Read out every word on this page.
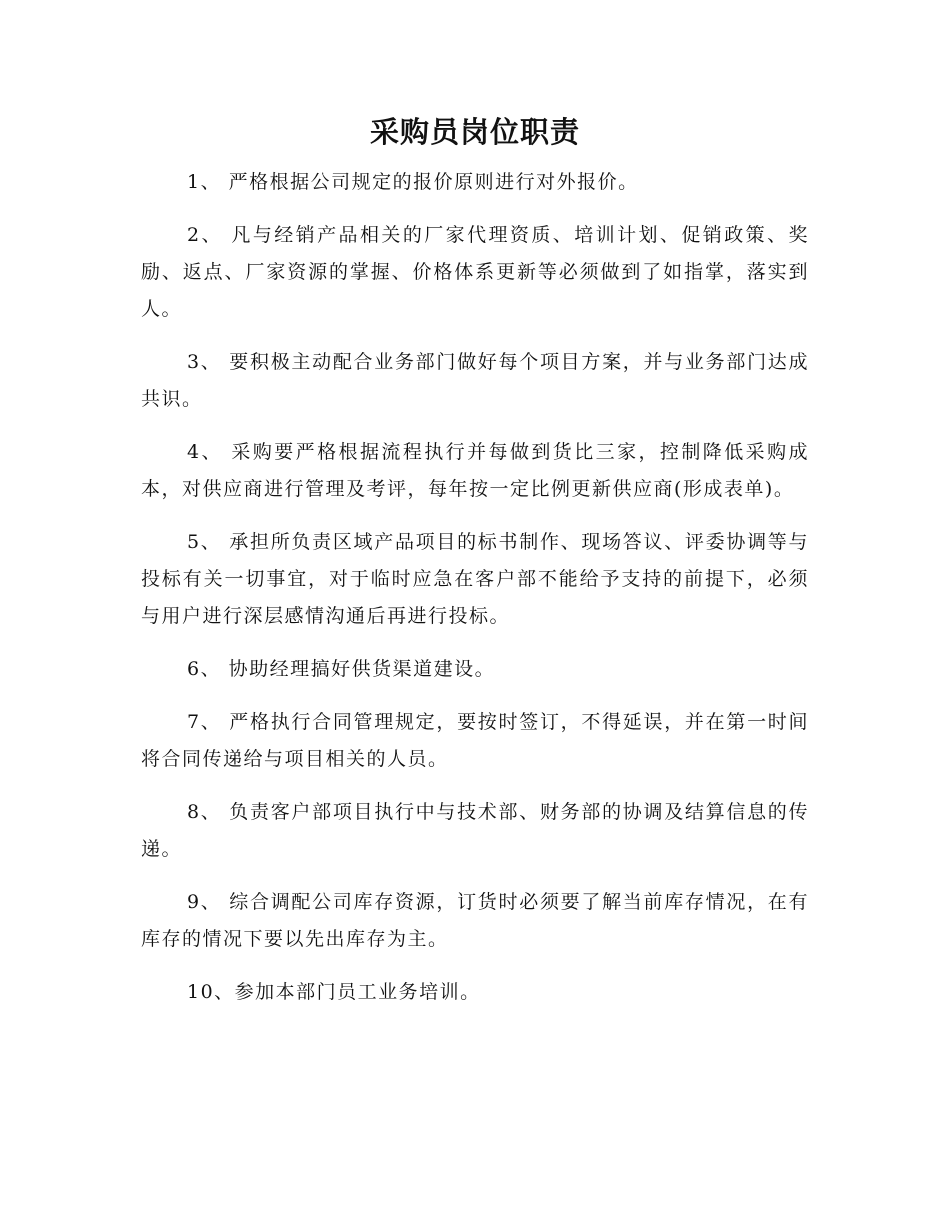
采购员岗位职责

1、 严格根据公司规定的报价原则进行对外报价。

2、 凡与经销产品相关的厂家代理资质、培训计划、促销政策、奖励、返点、厂家资源的掌握、价格体系更新等必须做到了如指掌，落实到人。

3、 要积极主动配合业务部门做好每个项目方案，并与业务部门达成共识。

4、 采购要严格根据流程执行并每做到货比三家，控制降低采购成本，对供应商进行管理及考评，每年按一定比例更新供应商(形成表单)。

5、 承担所负责区域产品项目的标书制作、现场答议、评委协调等与投标有关一切事宜，对于临时应急在客户部不能给予支持的前提下，必须与用户进行深层感情沟通后再进行投标。

6、 协助经理搞好供货渠道建设。

7、 严格执行合同管理规定，要按时签订，不得延误，并在第一时间将合同传递给与项目相关的人员。

8、 负责客户部项目执行中与技术部、财务部的协调及结算信息的传递。

9、 综合调配公司库存资源，订货时必须要了解当前库存情况，在有库存的情况下要以先出库存为主。

10、参加本部门员工业务培训。
